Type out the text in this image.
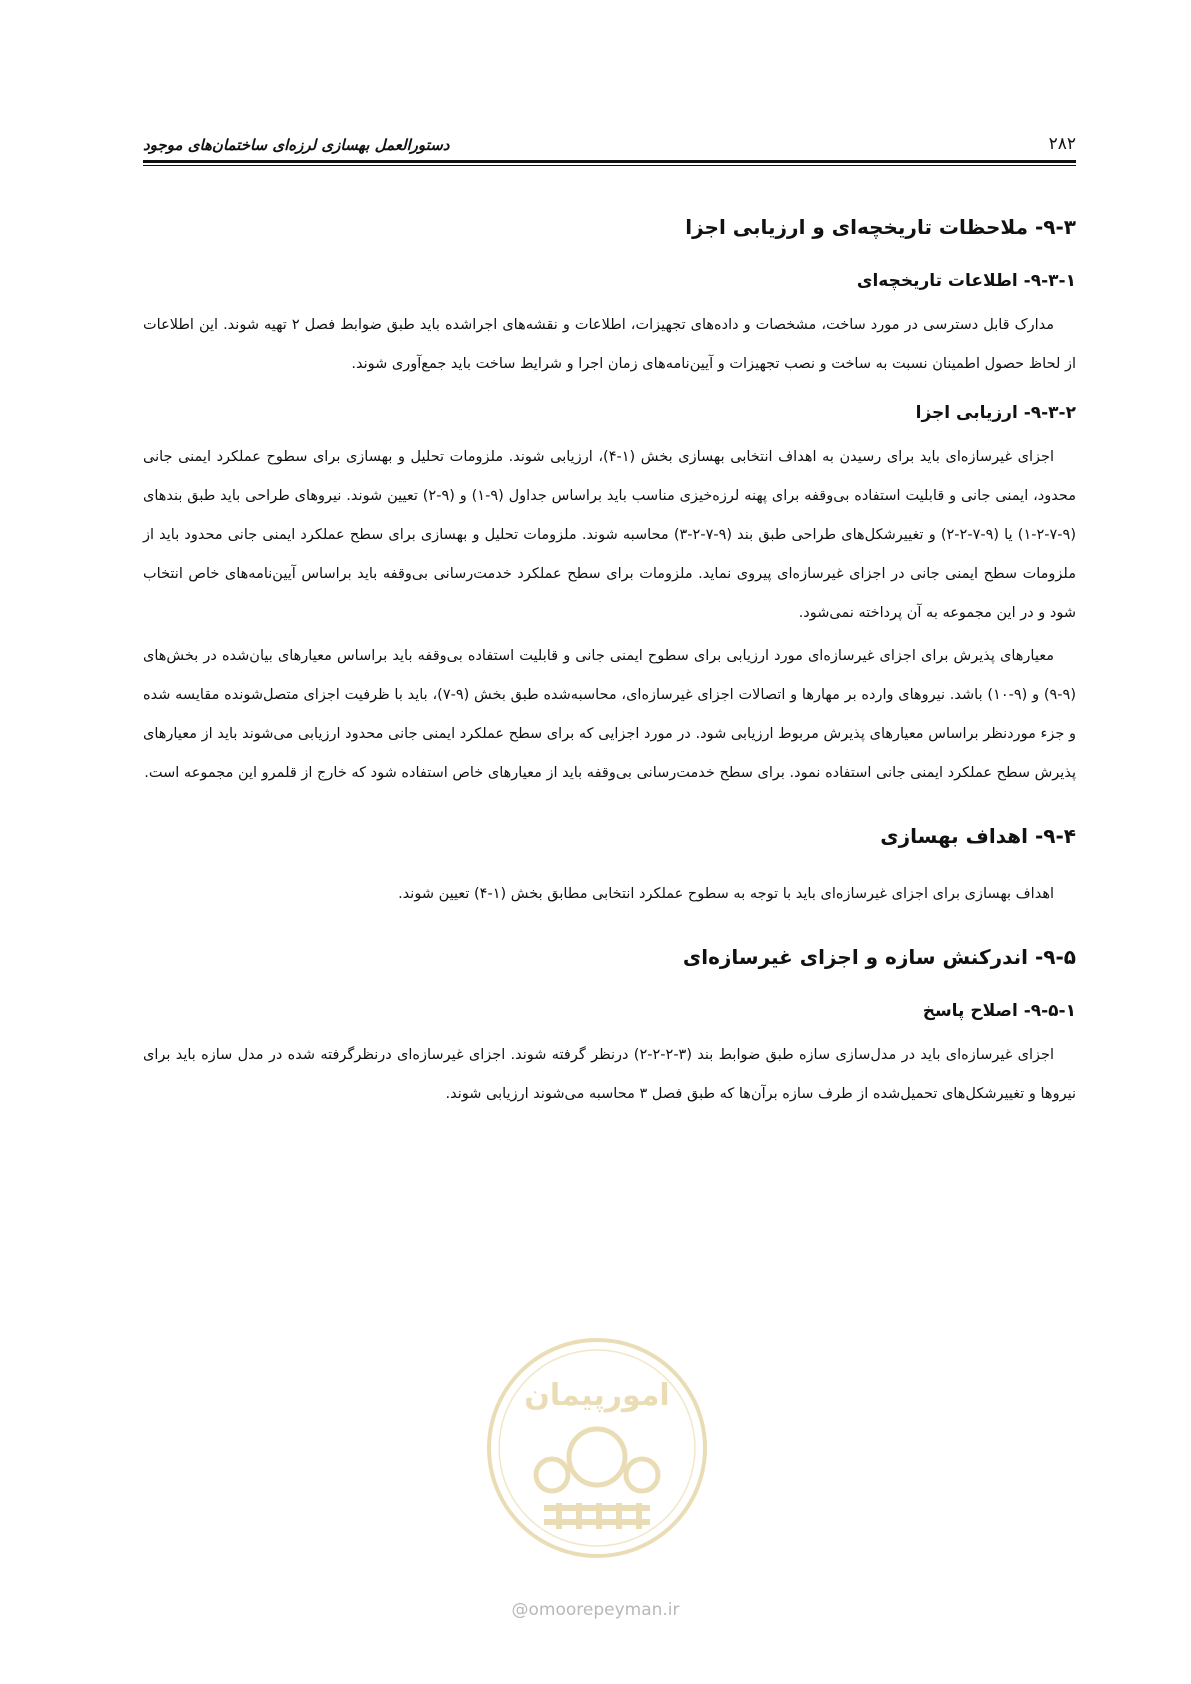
دستورالعمل بهسازی لرزه‌ای ساختمان‌های موجود	۲۸۲
۹-۳- ملاحظات تاریخچه‌ای و ارزیابی اجزا
۹-۳-۱- اطلاعات تاریخچه‌ای

مدارک قابل دسترسی در مورد ساخت، مشخصات و داده‌های تجهیزات، اطلاعات و نقشه‌های اجراشده باید طبق ضوابط فصل ۲ تهیه شوند. این اطلاعات از لحاظ حصول اطمینان نسبت به ساخت و نصب تجهیزات و آیین‌نامه‌های زمان اجرا و شرایط ساخت باید جمع‌آوری شوند.

۹-۳-۲- ارزیابی اجزا

اجزای غیرسازه‌ای باید برای رسیدن به اهداف انتخابی بهسازی بخش (۱-۴)، ارزیابی شوند. ملزومات تحلیل و بهسازی برای سطوح عملکرد ایمنی جانی محدود، ایمنی جانی و قابلیت استفاده بی‌وقفه برای پهنه لرزه‌خیزی مناسب باید براساس جداول (۹-۱) و (۹-۲) تعیین شوند. نیروهای طراحی باید طبق بندهای (۹-۷-۲-۱) یا (۹-۷-۲-۲) و تغییرشکل‌های طراحی طبق بند (۹-۷-۲-۳) محاسبه شوند. ملزومات تحلیل و بهسازی برای سطح عملکرد ایمنی جانی محدود باید از ملزومات سطح ایمنی جانی در اجزای غیرسازه‌ای پیروی نماید. ملزومات برای سطح عملکرد خدمت‌رسانی بی‌وقفه باید براساس آیین‌نامه‌های خاص انتخاب شود و در این مجموعه به آن پرداخته نمی‌شود.

معیارهای پذیرش برای اجزای غیرسازه‌ای مورد ارزیابی برای سطوح ایمنی جانی و قابلیت استفاده بی‌وقفه باید براساس معیارهای بیان‌شده در بخش‌های (۹-۹) و (۹-۱۰) باشد. نیروهای وارده بر مهارها و اتصالات اجزای غیرسازه‌ای، محاسبه‌شده طبق بخش (۹-۷)، باید با ظرفیت اجزای متصل‌شونده مقایسه شده و جزء موردنظر براساس معیارهای پذیرش مربوط ارزیابی شود. در مورد اجزایی که برای سطح عملکرد ایمنی جانی محدود ارزیابی می‌شوند باید از معیارهای پذیرش سطح عملکرد ایمنی جانی استفاده نمود. برای سطح خدمت‌رسانی بی‌وقفه باید از معیارهای خاص استفاده شود که خارج از قلمرو این مجموعه است.

۹-۴- اهداف بهسازی

اهداف بهسازی برای اجزای غیرسازه‌ای باید با توجه به سطوح عملکرد انتخابی مطابق بخش (۱-۴) تعیین شوند.

۹-۵- اندرکنش سازه و اجزای غیرسازه‌ای
۹-۵-۱- اصلاح پاسخ

اجزای غیرسازه‌ای باید در مدل‌سازی سازه طبق ضوابط بند (۳-۲-۲-۲) درنظر گرفته شوند. اجزای غیرسازه‌ای درنظرگرفته شده در مدل سازه باید برای نیروها و تغییرشکل‌های تحمیل‌شده از طرف سازه برآن‌ها که طبق فصل ۳ محاسبه می‌شوند ارزیابی شوند.

امورپیمان
@omoorepeyman.ir
